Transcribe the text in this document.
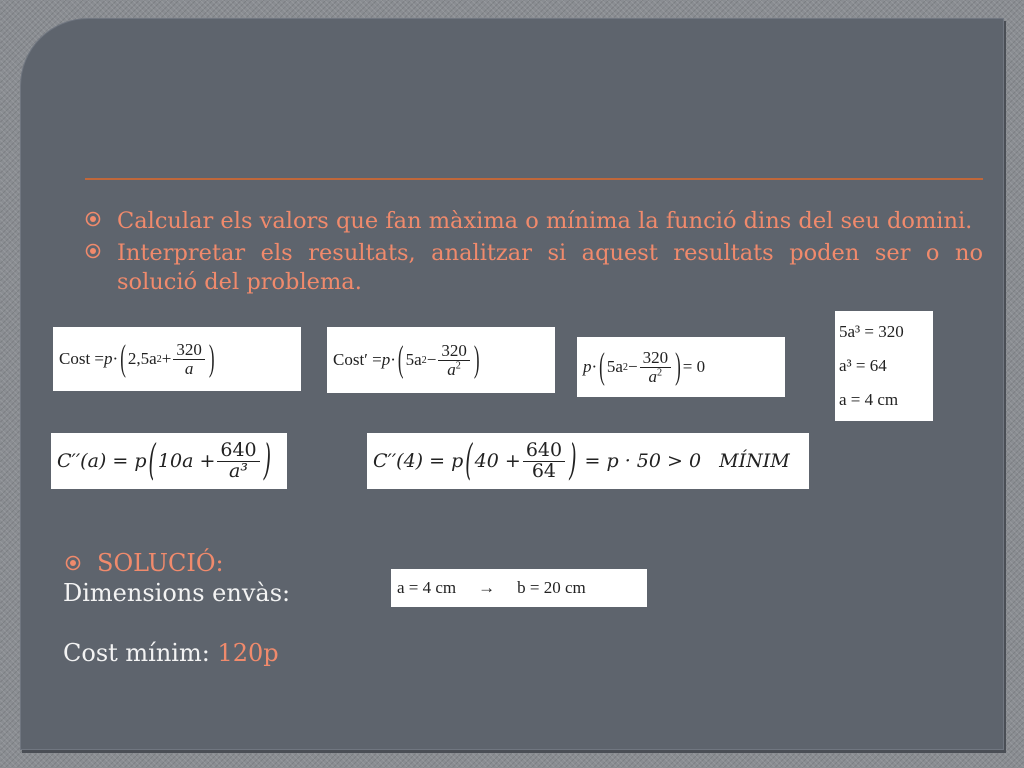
Calcular els valors que fan màxima o mínima la funció dins del seu domini.
Interpretar els resultats, analitzar si aquest resultats poden ser o no solució del problema.
Cost = p · ( 2,5a $2 + \frac{320}{a}$ )	Cost′ = p · ( 5a $2 - \frac{320}{a^2}$ )	p · ( 5a $2 - \frac{320}{a^2}$ ) = 0
5a³ = 320
a³ = 64
a = 4 cm
C′′(a) = p ( $10a + \frac{640}{\text{a³}}$ )	C′′(4) = p ( $40 + \frac{640}{64}$ ) = p · 50 > 0   MÍNIM
SOLUCIÓ:
Dimensions envàs:	a = 4 cm → b = 20 cm
Cost mínim: 120p
